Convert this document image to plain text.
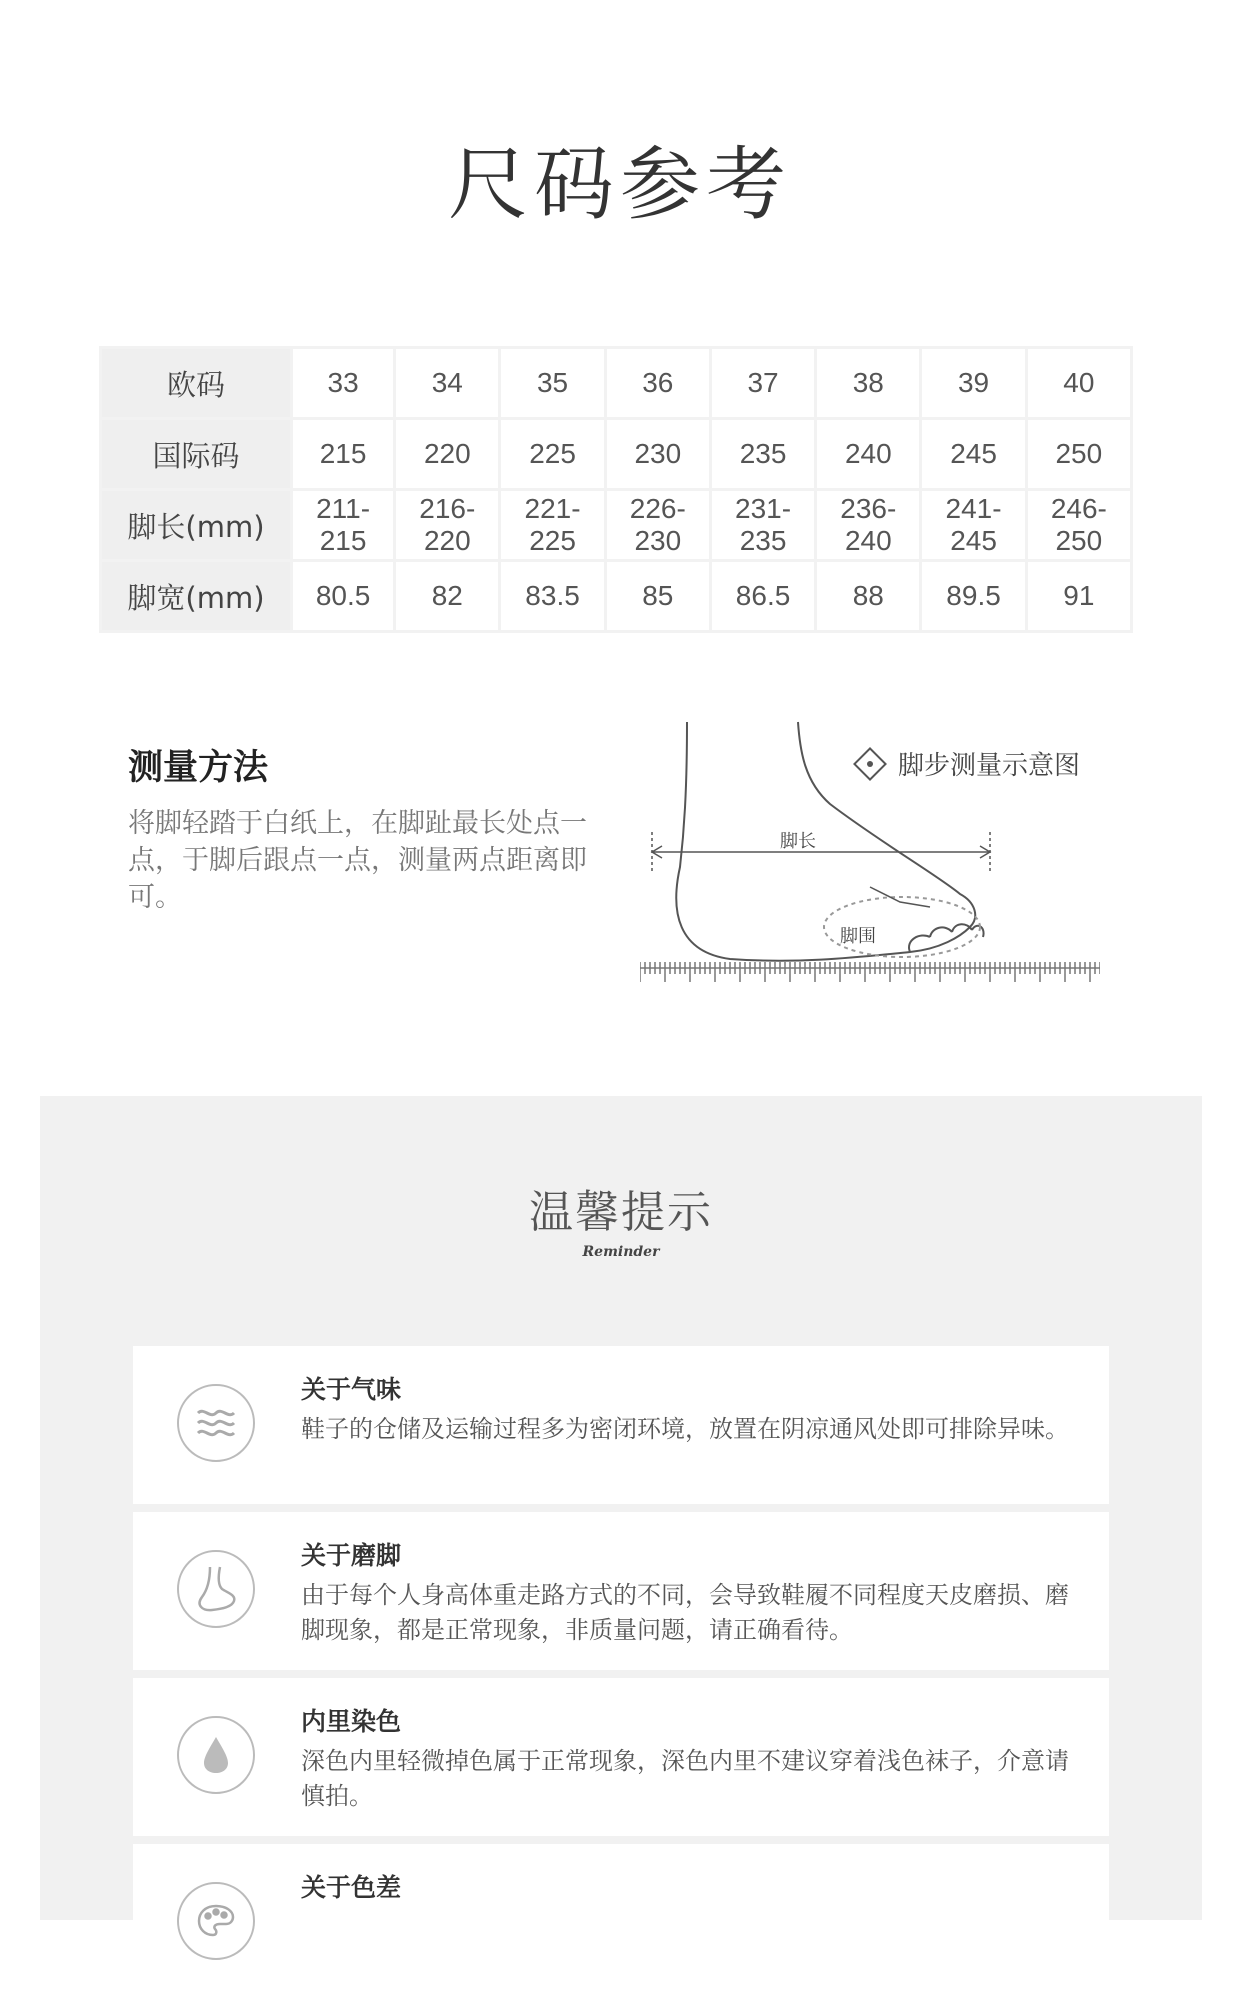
尺码参考
欧码	33	34	35	36	37	38	39	40
国际码	215	220	225	230	235	240	245	250
脚长(mm)	211-215	216-220	221-225	226-230	231-235	236-240	241-245	246-250
脚宽(mm)	80.5	82	83.5	85	86.5	88	89.5	91
测量方法
将脚轻踏于白纸上，在脚趾最长处点一点，于脚后跟点一点，测量两点距离即可。
脚步测量示意图
脚长
脚围
温馨提示
Reminder
关于气味
鞋子的仓储及运输过程多为密闭环境，放置在阴凉通风处即可排除异味。
关于磨脚
由于每个人身高体重走路方式的不同，会导致鞋履不同程度天皮磨损、磨脚现象，都是正常现象，非质量问题，请正确看待。
内里染色
深色内里轻微掉色属于正常现象，深色内里不建议穿着浅色袜子，介意请慎拍。
关于色差
